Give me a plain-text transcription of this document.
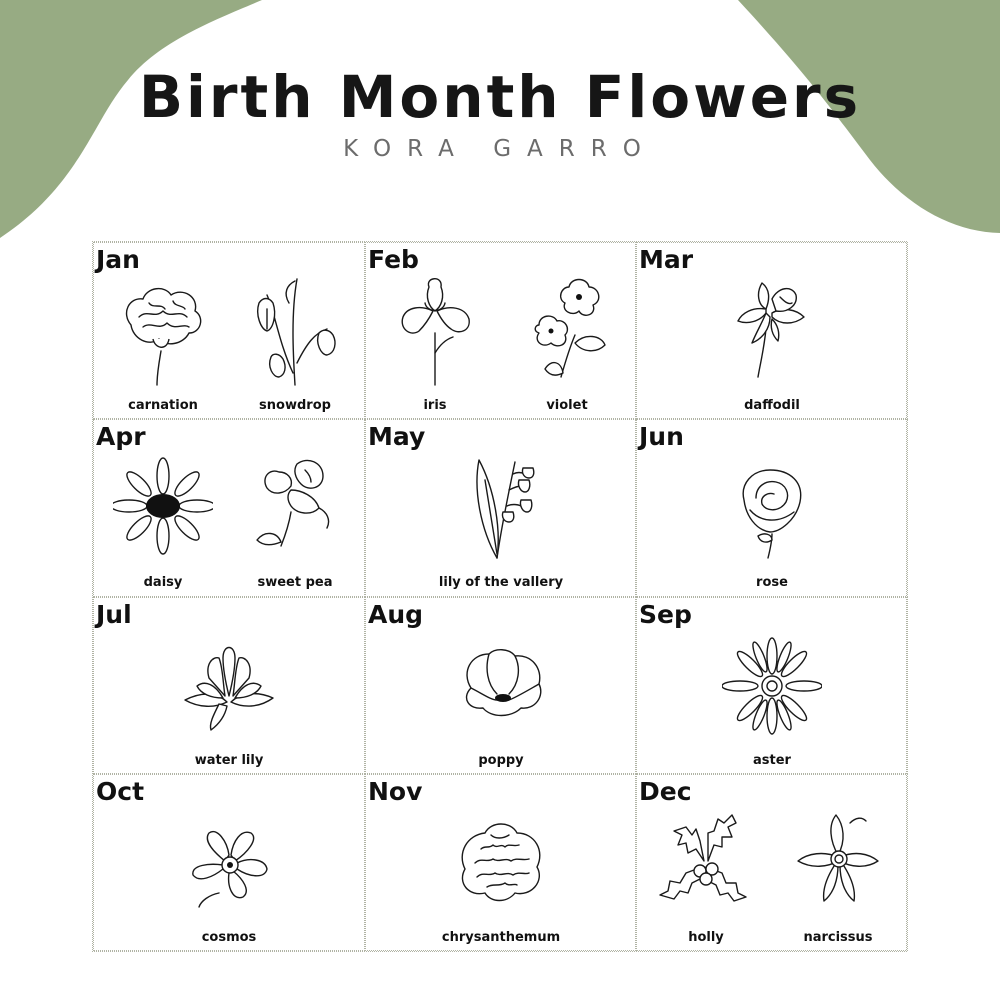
Birth Month Flowers
KORA GARRO
Jan
carnation	snowdrop
Feb
iris	violet
Mar
daffodil
Apr
daisy	sweet pea
May
lily of the vallery
Jun
rose
Jul
water lily
Aug
poppy
Sep
aster
Oct
cosmos
Nov
chrysanthemum
Dec
holly	narcissus
